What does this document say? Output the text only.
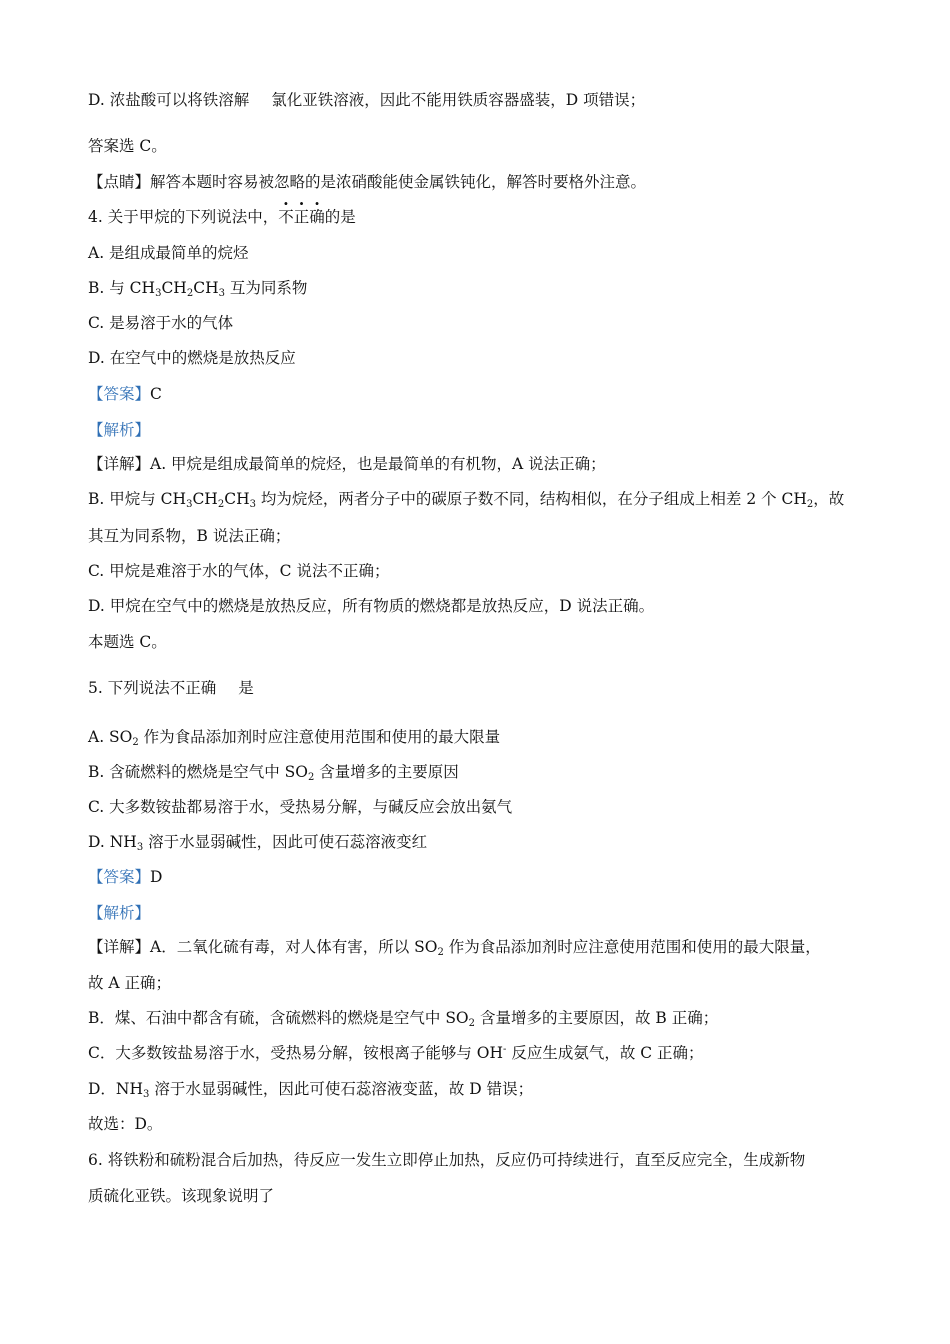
D. 浓盐酸可以将铁溶解 氯化亚铁溶液，因此不能用铁质容器盛装，D 项错误；
答案选 C。
【点睛】解答本题时容易被忽略的是浓硝酸能使金属铁钝化，解答时要格外注意。
4. 关于甲烷的下列说法中，不正确的是
A. 是组成最简单的烷烃
B. 与 $CH_3CH_2CH_3$ 互为同系物
C. 是易溶于水的气体
D. 在空气中的燃烧是放热反应
【答案】C
【解析】
【详解】A. 甲烷是组成最简单的烷烃，也是最简单的有机物，A 说法正确；
B. 甲烷与 $CH_3CH_2CH_3$ 均为烷烃，两者分子中的碳原子数不同，结构相似，在分子组成上相差 2 个 $CH_2$，故
其互为同系物，B 说法正确；
C. 甲烷是难溶于水的气体，C 说法不正确；
D. 甲烷在空气中的燃烧是放热反应，所有物质的燃烧都是放热反应，D 说法正确。
本题选 C。
5. 下列说法不正确 是
A. $SO_2$ 作为食品添加剂时应注意使用范围和使用的最大限量
B. 含硫燃料的燃烧是空气中 $SO_2$ 含量增多的主要原因
C. 大多数铵盐都易溶于水，受热易分解，与碱反应会放出氨气
D. $NH_3$ 溶于水显弱碱性，因此可使石蕊溶液变红
【答案】D
【解析】
【详解】A．二氧化硫有毒，对人体有害，所以 $SO_2$ 作为食品添加剂时应注意使用范围和使用的最大限量，
故 A 正确；
B．煤、石油中都含有硫，含硫燃料的燃烧是空气中 $SO_2$ 含量增多的主要原因，故 B 正确；
C．大多数铵盐易溶于水，受热易分解，铵根离子能够与 OH- 反应生成氨气，故 C 正确；
D．$NH_3$ 溶于水显弱碱性，因此可使石蕊溶液变蓝，故 D 错误；
故选：D。
6. 将铁粉和硫粉混合后加热，待反应一发生立即停止加热，反应仍可持续进行，直至反应完全，生成新物
质硫化亚铁。该现象说明了
